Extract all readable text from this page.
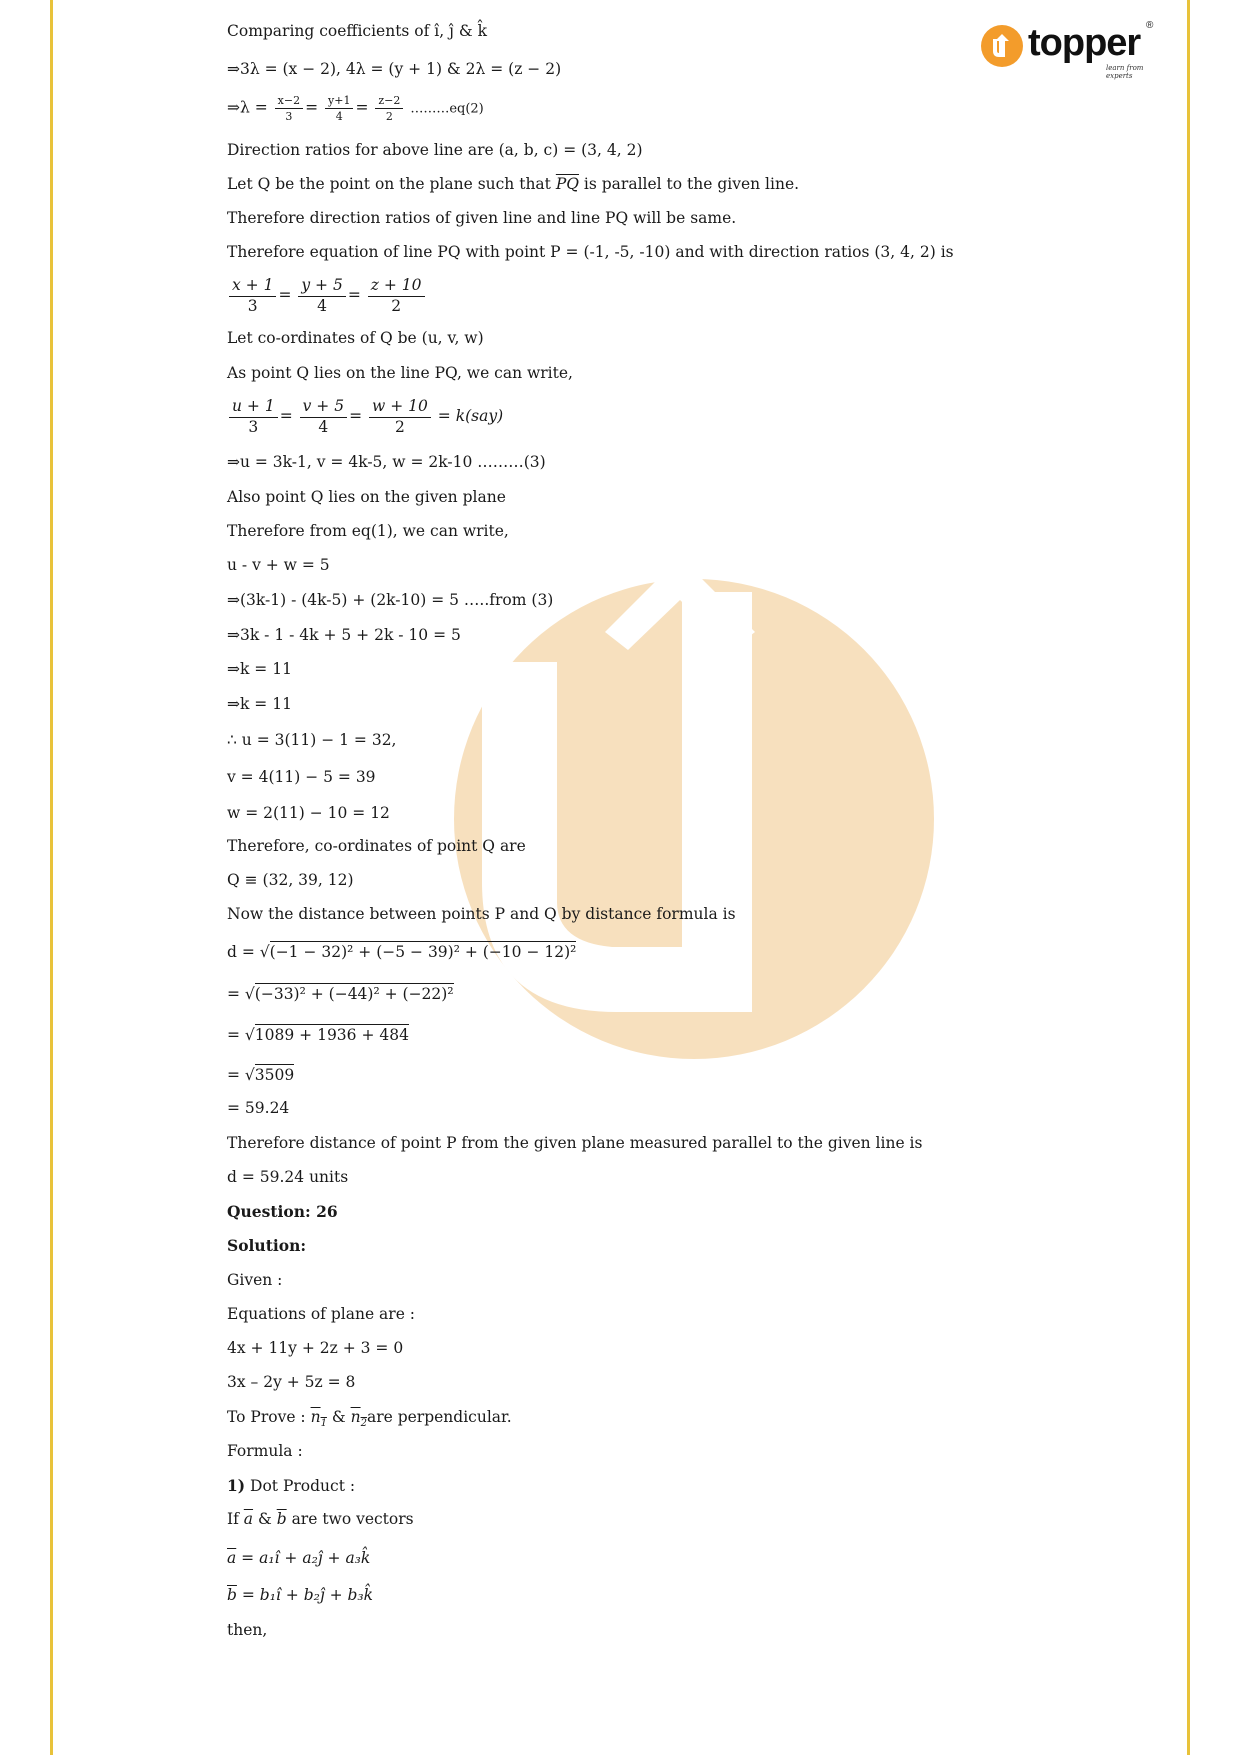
topper ®
learn from experts
Comparing coefficients of î, ĵ & k̂
⇒3λ = (x − 2), 4λ = (y + 1) & 2λ = (z − 2)
⇒λ = $\frac{x-2}{3} = \frac{y+1}{4} = \frac{z-2}{2}$ ………eq(2)
Direction ratios for above line are (a, b, c) = (3, 4, 2)
Let Q be the point on the plane such that $\overline{PQ}$ is parallel to the given line.
Therefore direction ratios of given line and line PQ will be same.
Therefore equation of line PQ with point P = (-1, -5, -10) and with direction ratios (3, 4, 2) is
$\frac{x + 1}{3} = \frac{y + 5}{4} = \frac{z + 10}{2}$
Let co-ordinates of Q be (u, v, w)
As point Q lies on the line PQ, we can write,
$\frac{u + 1}{3} = \frac{v + 5}{4} = \frac{w + 10}{2} = k(say)$
⇒u = 3k-1, v = 4k-5, w = 2k-10 ………(3)
Also point Q lies on the given plane
Therefore from eq(1), we can write,
u - v + w = 5
⇒(3k-1) - (4k-5) + (2k-10) = 5 …..from (3)
⇒3k - 1 - 4k + 5 + 2k - 10 = 5
⇒k = 11
⇒k = 11
∴ u = 3(11) − 1 = 32,
v = 4(11) − 5 = 39
w = 2(11) − 10 = 12
Therefore, co-ordinates of point Q are
Q ≡ (32, 39, 12)
Now the distance between points P and Q by distance formula is
d = √(−1 − 32)² + (−5 − 39)² + (−10 − 12)²
= √(−33)² + (−44)² + (−22)²
= √1089 + 1936 + 484
= √3509
= 59.24
Therefore distance of point P from the given plane measured parallel to the given line is
d = 59.24 units
Question: 26
Solution:
Given :
Equations of plane are :
4x + 11y + 2z + 3 = 0
3x – 2y + 5z = 8
To Prove : $n_1$ & $n_2are$ perpendicular.
Formula :
1) Dot Product :
If $\overline{a}$ & $\overline{b}$ are two vectors
$\overline{a}$ = a₁î + a₂ĵ + a₃k̂
$\overline{b}$ = b₁î + b₂ĵ + b₃k̂
then,
